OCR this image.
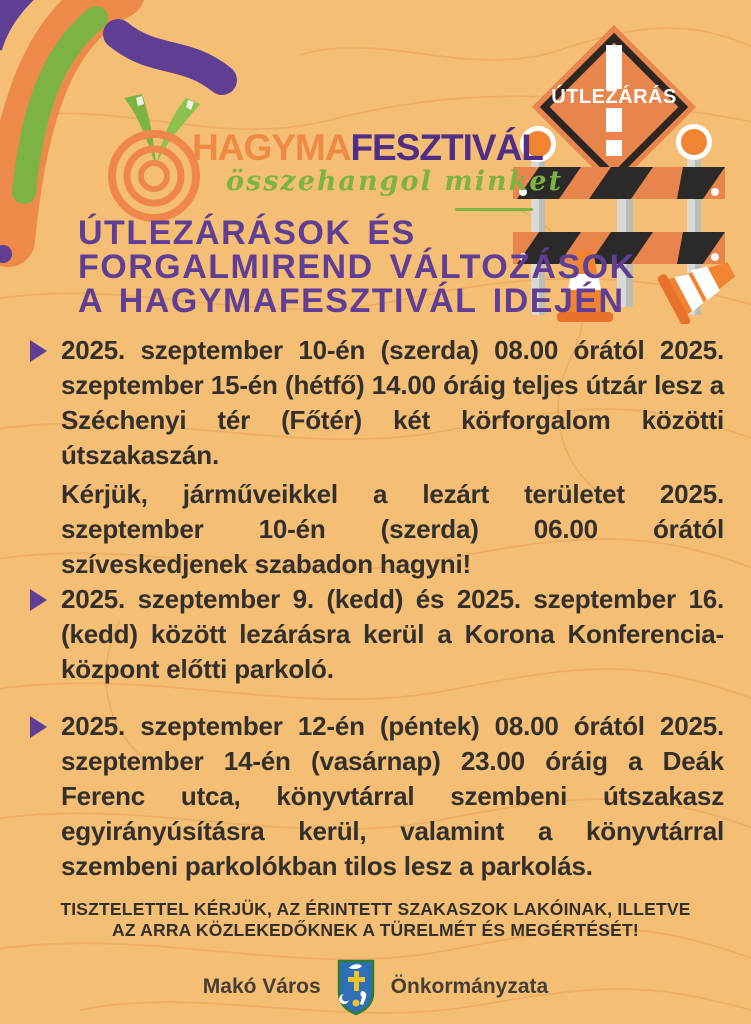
HAGYMAFESZTIVÁL
összehangol minket
ÚTLEZÁRÁS
ÚTLEZÁRÁSOK ÉS
FORGALMIREND VÁLTOZÁSOK
A HAGYMAFESZTIVÁL IDEJÉN
2025. szeptember 10-én (szerda) 08.00 órától 2025. szeptember 15-én (hétfő) 14.00 óráig teljes útzár lesz a Széchenyi tér (Főtér) két körforgalom közötti útszakaszán.
Kérjük, járműveikkel a lezárt területet 2025. szeptember 10-én (szerda) 06.00 órától szíveskedjenek szabadon hagyni!
2025. szeptember 9. (kedd) és 2025. szeptember 16. (kedd) között lezárásra kerül a Korona Konferencia-központ előtti parkoló.
2025. szeptember 12-én (péntek) 08.00 órától 2025. szeptember 14-én (vasárnap) 23.00 óráig a Deák Ferenc utca, könyvtárral szembeni útszakasz egyirányúsításra kerül, valamint a könyvtárral szembeni parkolókban tilos lesz a parkolás.
TISZTELETTEL KÉRJÜK, AZ ÉRINTETT SZAKASZOK LAKÓINAK, ILLETVE
AZ ARRA KÖZLEKEDŐKNEK A TÜRELMÉT ÉS MEGÉRTÉSÉT!
Makó Város	Önkormányzata
